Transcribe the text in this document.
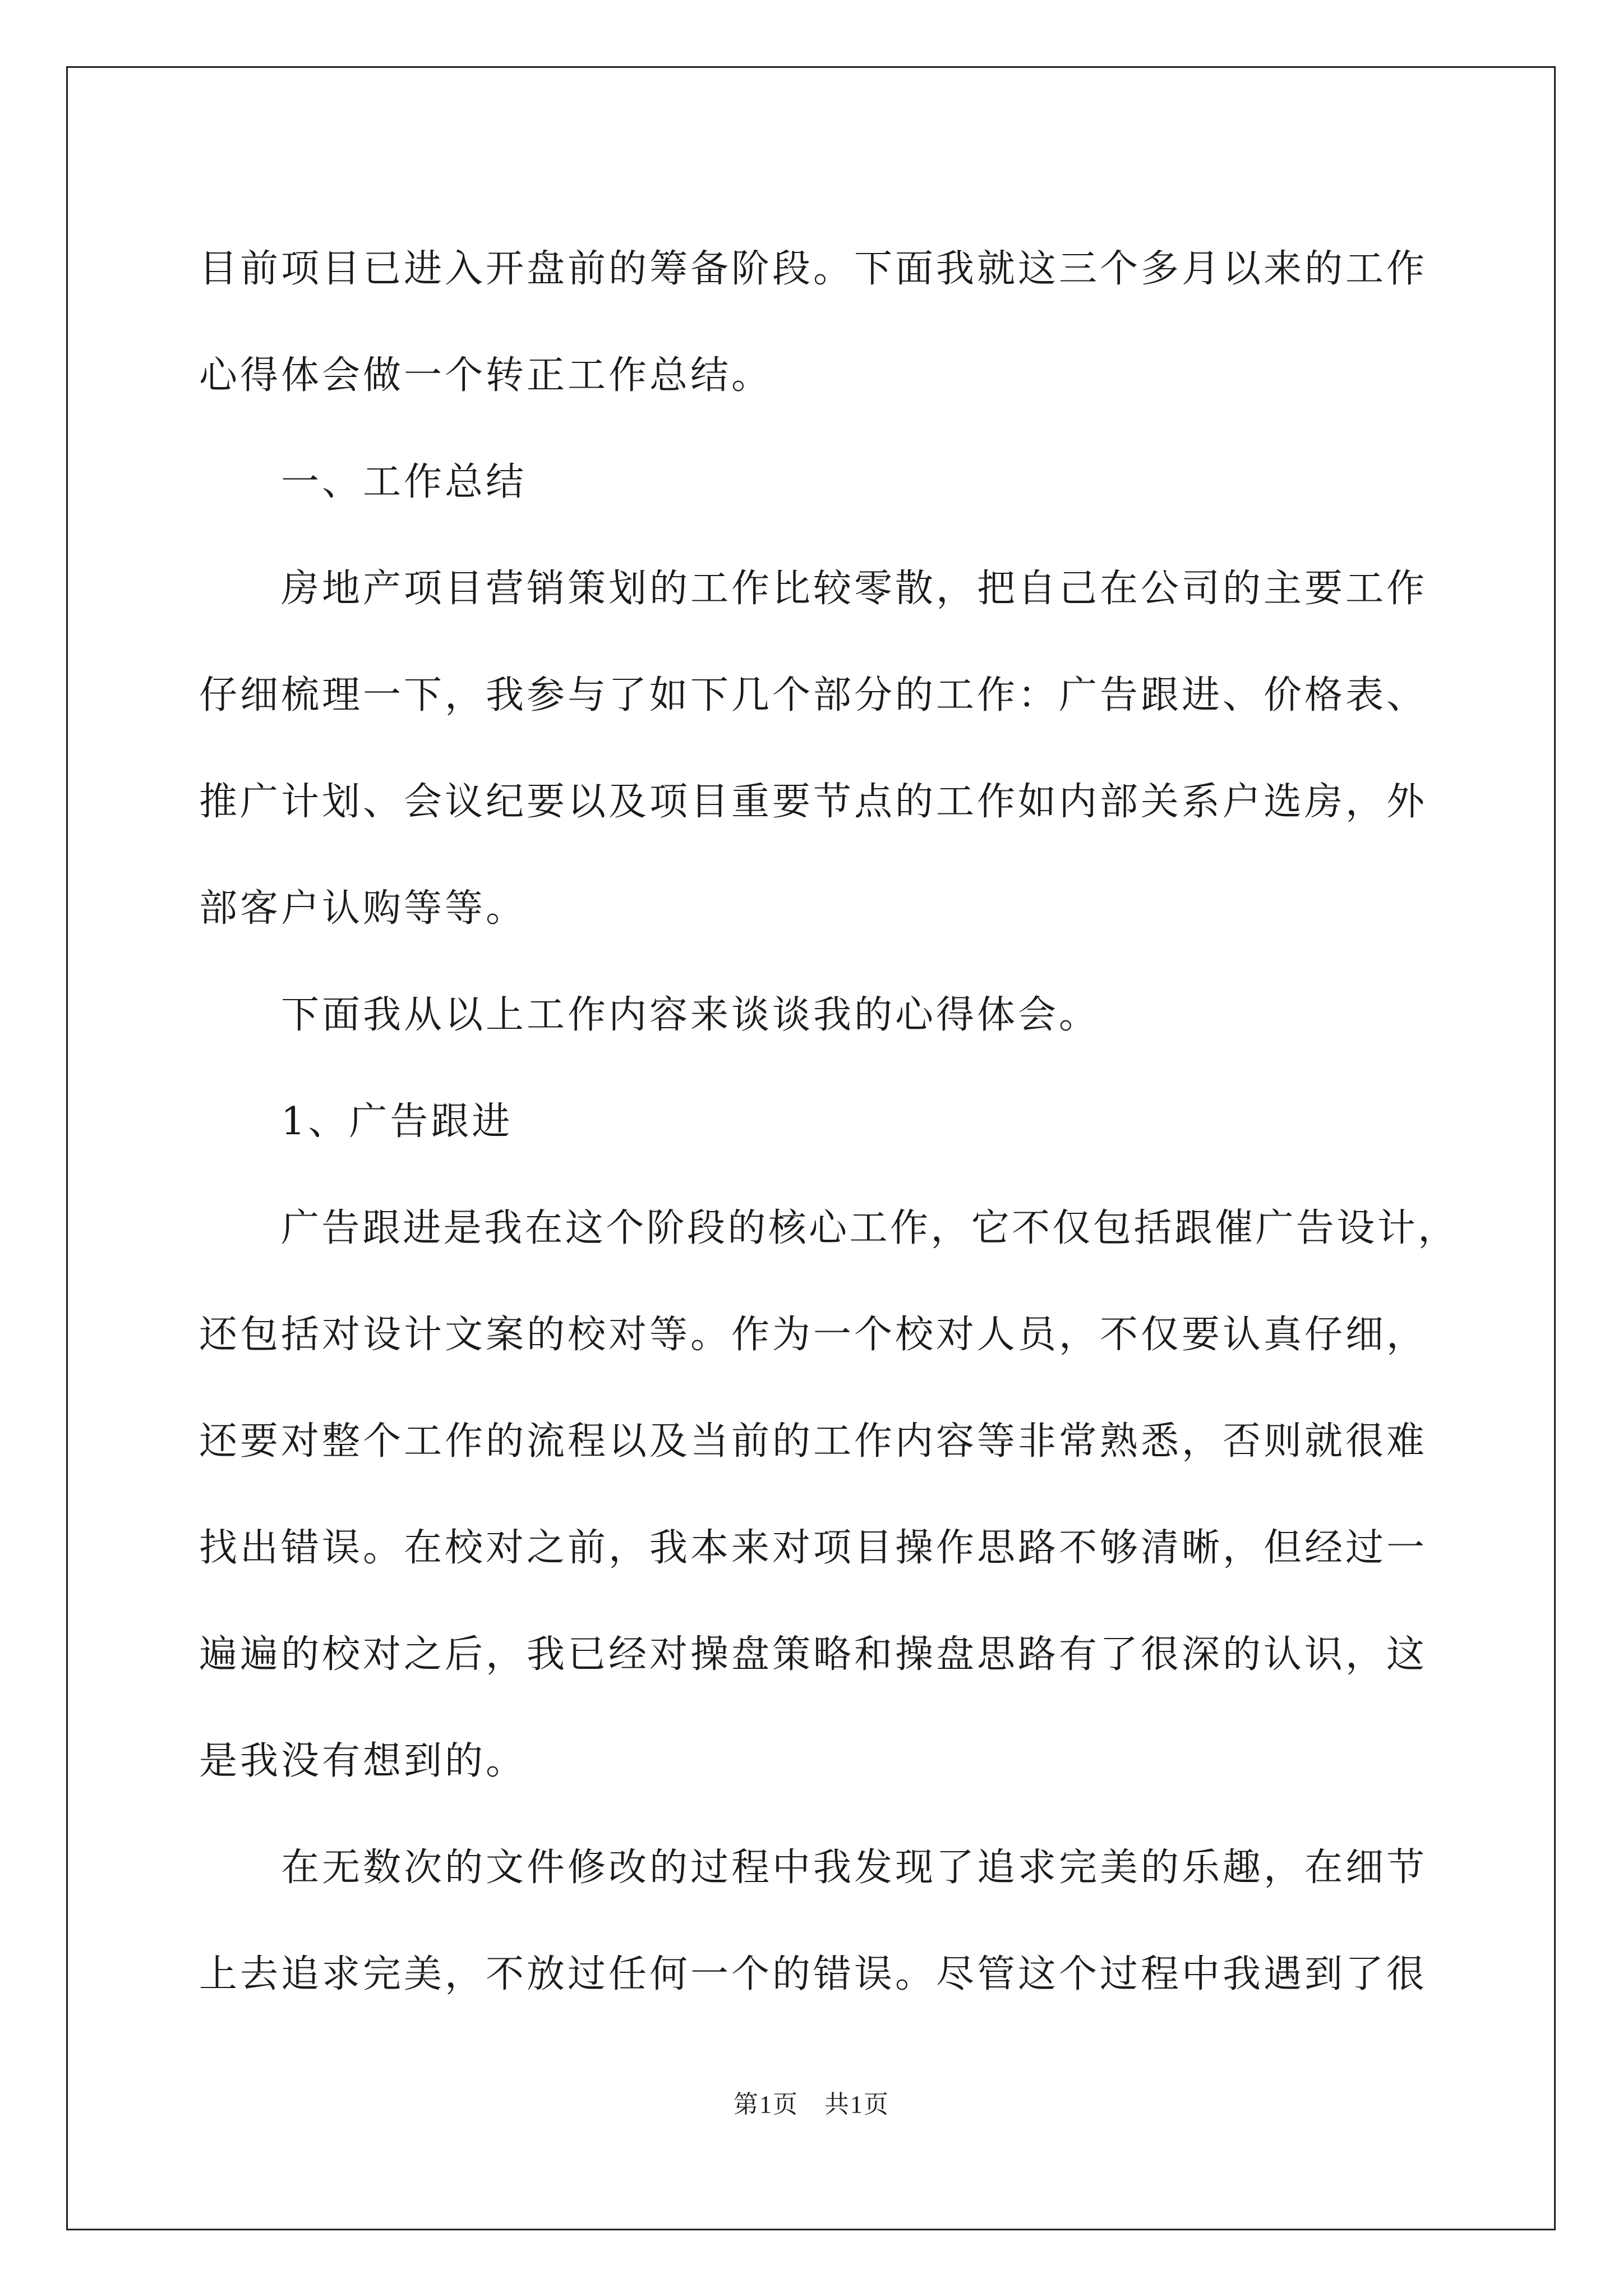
目前项目已进入开盘前的筹备阶段。下面我就这三个多月以来的工作

心得体会做一个转正工作总结。

一、工作总结

房地产项目营销策划的工作比较零散，把自己在公司的主要工作

仔细梳理一下，我参与了如下几个部分的工作：广告跟进、价格表、

推广计划、会议纪要以及项目重要节点的工作如内部关系户选房，外

部客户认购等等。

下面我从以上工作内容来谈谈我的心得体会。

1、广告跟进

广告跟进是我在这个阶段的核心工作，它不仅包括跟催广告设计，

还包括对设计文案的校对等。作为一个校对人员，不仅要认真仔细，

还要对整个工作的流程以及当前的工作内容等非常熟悉，否则就很难

找出错误。在校对之前，我本来对项目操作思路不够清晰，但经过一

遍遍的校对之后，我已经对操盘策略和操盘思路有了很深的认识，这

是我没有想到的。

在无数次的文件修改的过程中我发现了追求完美的乐趣，在细节

上去追求完美，不放过任何一个的错误。尽管这个过程中我遇到了很

第1页 共1页
